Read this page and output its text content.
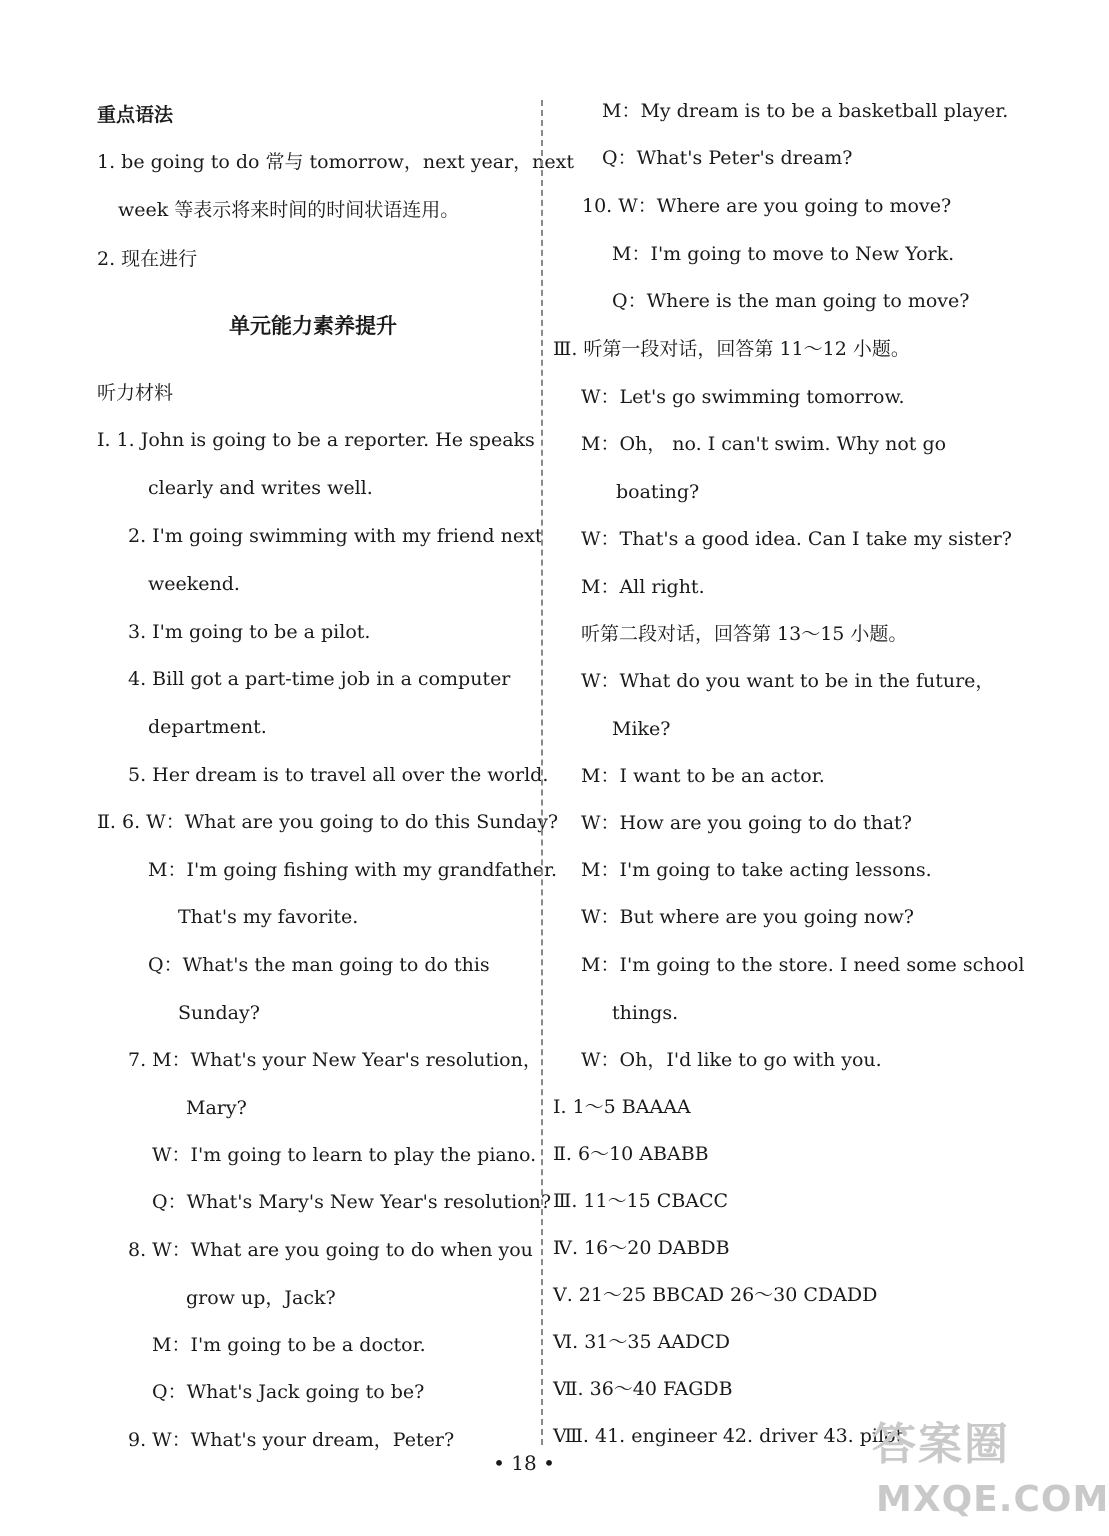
重点语法
1. be going to do 常与 tomorrow，next year，next
week 等表示将来时间的时间状语连用。
2. 现在进行
单元能力素养提升
听力材料
Ⅰ. 1. John is going to be a reporter. He speaks
clearly and writes well.
2. I'm going swimming with my friend next
weekend.
3. I'm going to be a pilot.
4. Bill got a part-time job in a computer
department.
5. Her dream is to travel all over the world.
Ⅱ. 6. W：What are you going to do this Sunday?
M：I'm going fishing with my grandfather.
That's my favorite.
Q：What's the man going to do this
Sunday?
7. M：What's your New Year's resolution，
Mary?
W：I'm going to learn to play the piano.
Q：What's Mary's New Year's resolution?
8. W：What are you going to do when you
grow up，Jack?
M：I'm going to be a doctor.
Q：What's Jack going to be?
9. W：What's your dream，Peter?
M：My dream is to be a basketball player.
Q：What's Peter's dream?
10. W：Where are you going to move?
M：I'm going to move to New York.
Q：Where is the man going to move?
Ⅲ. 听第一段对话，回答第 11～12 小题。
W：Let's go swimming tomorrow.
M：Oh， no. I can't swim. Why not go
boating?
W：That's a good idea. Can I take my sister?
M：All right.
听第二段对话，回答第 13～15 小题。
W：What do you want to be in the future，
Mike?
M：I want to be an actor.
W：How are you going to do that?
M：I'm going to take acting lessons.
W：But where are you going now?
M：I'm going to the store. I need some school
things.
W：Oh，I'd like to go with you.
Ⅰ. 1～5 BAAAA
Ⅱ. 6～10 ABABB
Ⅲ. 11～15 CBACC
Ⅳ. 16～20 DABDB
Ⅴ. 21～25 BBCAD 26～30 CDADD
Ⅵ. 31～35 AADCD
Ⅶ. 36～40 FAGDB
Ⅷ. 41. engineer 42. driver 43. pilot
• 18 •	答案圈
MXQE.COM
